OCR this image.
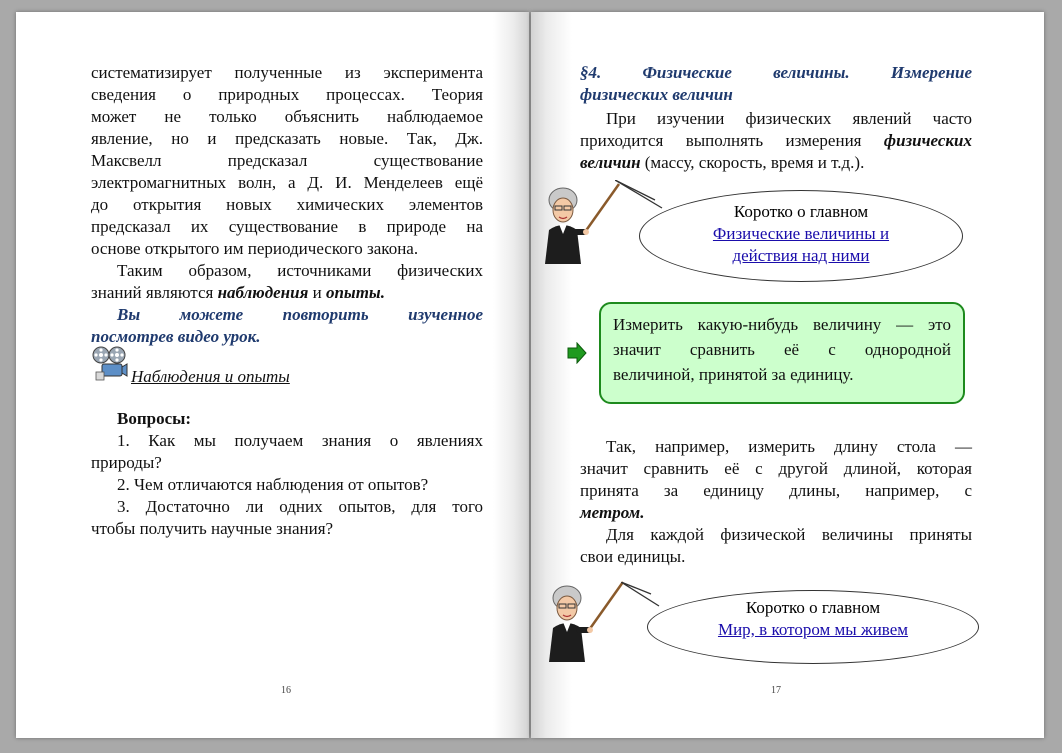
систематизирует полученные из эксперимента
сведения о природных процессах. Теория
может не только объяснить наблюдаемое
явление, но и предсказать новые. Так, Дж.
Максвелл предсказал существование
электромагнитных волн, а Д. И. Менделеев ещё
до открытия новых химических элементов
предсказал их существование в природе на
основе открытого им периодического закона.
Таким образом, источниками физических
знаний являются наблюдения и опыты.
Вы можете повторить изученное
посмотрев видео урок.
Наблюдения и опыты
Вопросы:
1. Как мы получаем знания о явлениях
природы?
2. Чем отличаются наблюдения от опытов?
3. Достаточно ли одних опытов, для того
чтобы получить научные знания?
16
§4. Физические величины. Измерение
физических величин
При изучении физических явлений часто
приходится выполнять измерения физических
величин (массу, скорость, время и т.д.).
Коротко о главном
Физические величины и
действия над ними
Измерить какую-нибудь величину — это
значит сравнить её с однородной
величиной, принятой за единицу.
Так, например, измерить длину стола —
значит сравнить её с другой длиной, которая
принята за единицу длины, например, с
метром.
Для каждой физической величины приняты
свои единицы.
Коротко о главном
Мир, в котором мы живем
17
